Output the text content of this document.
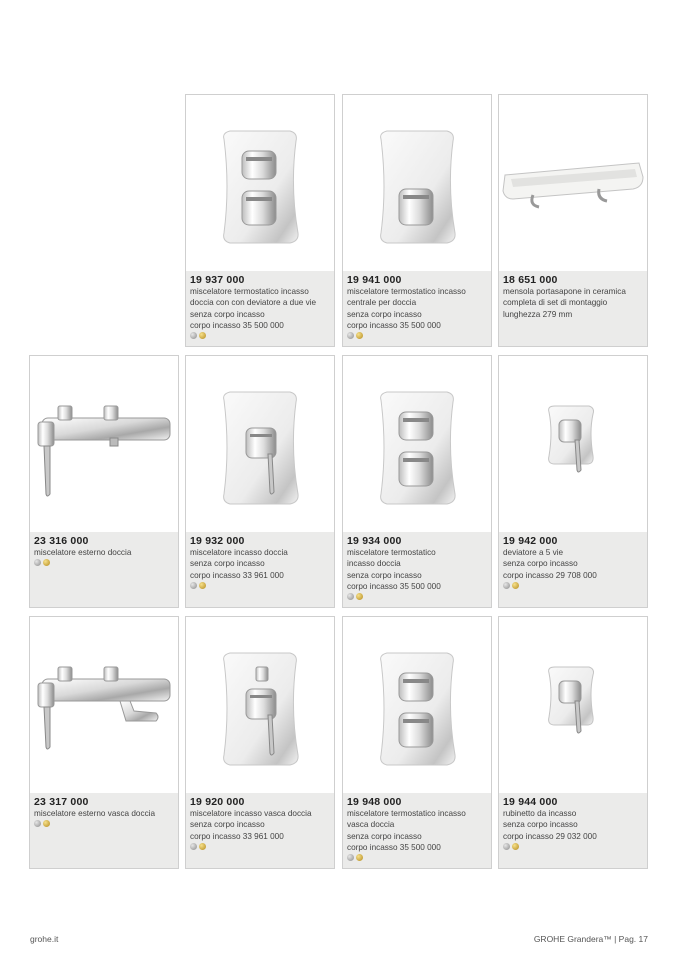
19 937 000
miscelatore termostatico incasso
doccia con con deviatore a due vie
senza corpo incasso
corpo incasso 35 500 000
19 941 000
miscelatore termostatico incasso
centrale per doccia
senza corpo incasso
corpo incasso 35 500 000
18 651 000
mensola portasapone in ceramica
completa di set di montaggio
lunghezza 279 mm
23 316 000
miscelatore esterno doccia
19 932 000
miscelatore incasso doccia
senza corpo incasso
corpo incasso 33 961 000
19 934 000
miscelatore termostatico
incasso doccia
senza corpo incasso
corpo incasso 35 500 000
19 942 000
deviatore a 5 vie
senza corpo incasso
corpo incasso 29 708 000
23 317 000
miscelatore esterno vasca doccia
19 920 000
miscelatore incasso vasca doccia
senza corpo incasso
corpo incasso 33 961 000
19 948 000
miscelatore termostatico incasso
vasca doccia
senza corpo incasso
corpo incasso 35 500 000
19 944 000
rubinetto da incasso
senza corpo incasso
corpo incasso 29 032 000
grohe.it	GROHE Grandera™ | Pag. 17
